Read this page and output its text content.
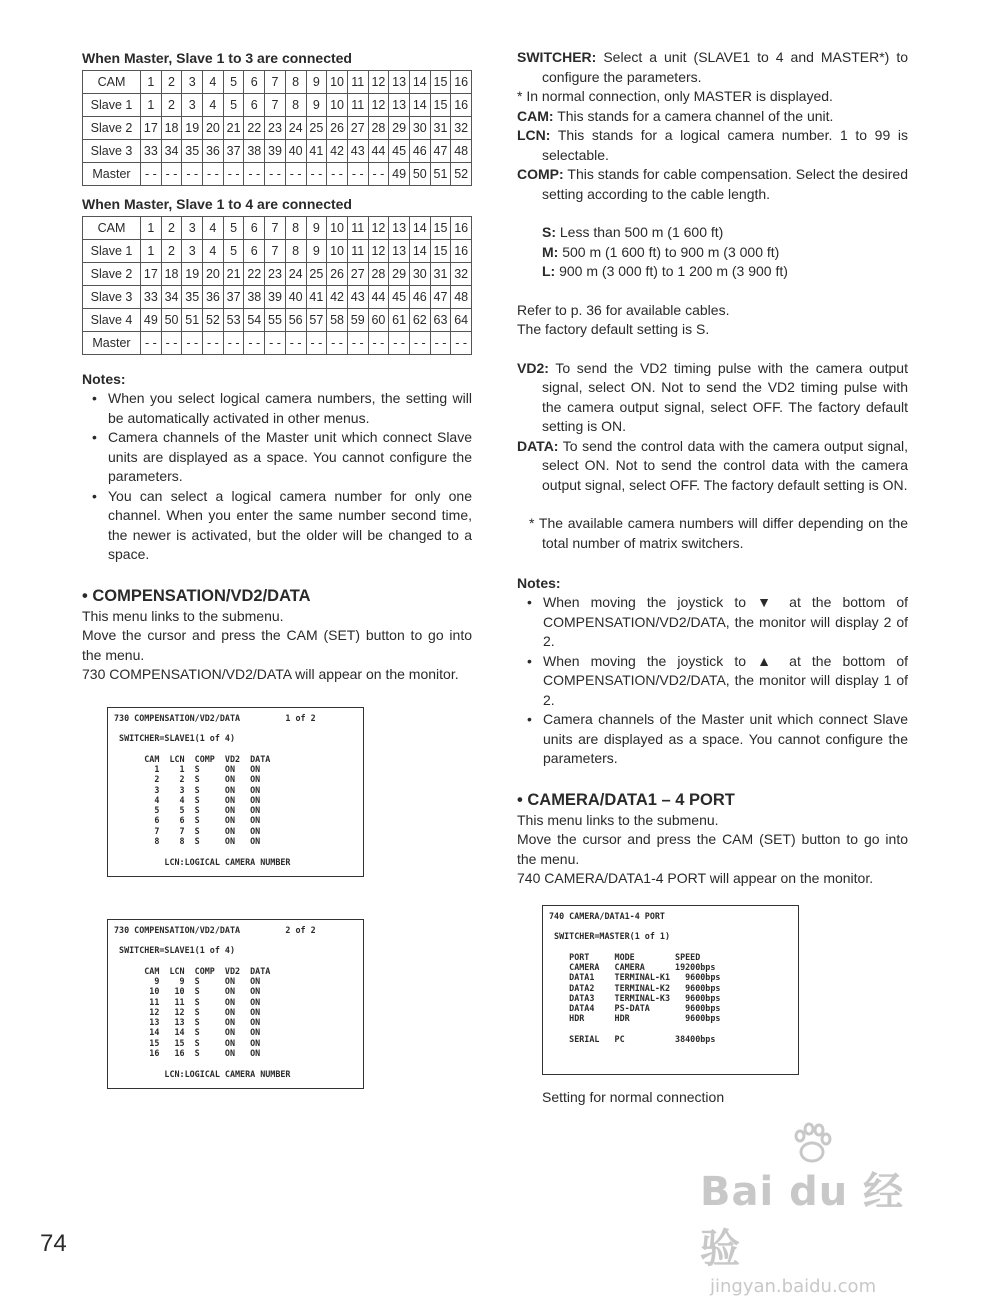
When Master, Slave 1 to 3 are connected
CAM	1	2	3	4	5	6	7	8	9	10	11	12	13	14	15	16
Slave 1	1	2	3	4	5	6	7	8	9	10	11	12	13	14	15	16
Slave 2	17	18	19	20	21	22	23	24	25	26	27	28	29	30	31	32
Slave 3	33	34	35	36	37	38	39	40	41	42	43	44	45	46	47	48
Master	- -	- -	- -	- -	- -	- -	- -	- -	- -	- -	- -	- -	49	50	51	52
When Master, Slave 1 to 4 are connected
CAM	1	2	3	4	5	6	7	8	9	10	11	12	13	14	15	16
Slave 1	1	2	3	4	5	6	7	8	9	10	11	12	13	14	15	16
Slave 2	17	18	19	20	21	22	23	24	25	26	27	28	29	30	31	32
Slave 3	33	34	35	36	37	38	39	40	41	42	43	44	45	46	47	48
Slave 4	49	50	51	52	53	54	55	56	57	58	59	60	61	62	63	64
Master	- -	- -	- -	- -	- -	- -	- -	- -	- -	- -	- -	- -	- -	- -	- -	- -
Notes:
• When you select logical camera numbers, the setting will be automatically activated in other menus.
• Camera channels of the Master unit which connect Slave units are displayed as a space. You cannot configure the parameters.
• You can select a logical camera number for only one channel. When you enter the same number second time, the newer is activated, but the older will be changed to a space.
• COMPENSATION/VD2/DATA

This menu links to the submenu.

Move the cursor and press the CAM (SET) button to go into the menu.

730 COMPENSATION/VD2/DATA will appear on the monitor.

730 COMPENSATION/VD2/DATA         1 of 2

SWITCHER=SLAVE1(1 of 4)

CAM  LCN  COMP  VD2  DATA
1    1  S     ON   ON
2    2  S     ON   ON
3    3  S     ON   ON
4    4  S     ON   ON
5    5  S     ON   ON
6    6  S     ON   ON
7    7  S     ON   ON
8    8  S     ON   ON

LCN:LOGICAL CAMERA NUMBER
730 COMPENSATION/VD2/DATA         2 of 2

SWITCHER=SLAVE1(1 of 4)

CAM  LCN  COMP  VD2  DATA
9    9  S     ON   ON
10   10  S     ON   ON
11   11  S     ON   ON
12   12  S     ON   ON
13   13  S     ON   ON
14   14  S     ON   ON
15   15  S     ON   ON
16   16  S     ON   ON

LCN:LOGICAL CAMERA NUMBER

SWITCHER: Select a unit (SLAVE1 to 4 and MASTER*) to configure the parameters.

* In normal connection, only MASTER is displayed.

CAM: This stands for a camera channel of the unit.

LCN: This stands for a logical camera number. 1 to 99 is selectable.

COMP: This stands for cable compensation. Select the desired setting according to the cable length.

S: Less than 500 m (1 600 ft)

M: 500 m (1 600 ft) to 900 m (3 000 ft)

L: 900 m (3 000 ft) to 1 200 m (3 900 ft)

Refer to p. 36 for available cables.

The factory default setting is S.

VD2: To send the VD2 timing pulse with the camera output signal, select ON. Not to send the VD2 timing pulse with the camera output signal, select OFF. The factory default setting is ON.

DATA: To send the control data with the camera output signal, select ON. Not to send the control data with the camera output signal, select OFF. The factory default setting is ON.

* The available camera numbers will differ depending on the total number of matrix switchers.

Notes:
• When moving the joystick to ▼ at the bottom of COMPENSATION/VD2/DATA, the monitor will display 2 of 2.
• When moving the joystick to ▲ at the bottom of COMPENSATION/VD2/DATA, the monitor will display 1 of 2.
• Camera channels of the Master unit which connect Slave units are displayed as a space. You cannot configure the parameters.
• CAMERA/DATA1 – 4 PORT

This menu links to the submenu.

Move the cursor and press the CAM (SET) button to go into the menu.

740 CAMERA/DATA1-4 PORT will appear on the monitor.

740 CAMERA/DATA1-4 PORT

SWITCHER=MASTER(1 of 1)

PORT     MODE        SPEED
CAMERA   CAMERA      19200bps
DATA1    TERMINAL-K1   9600bps
DATA2    TERMINAL-K2   9600bps
DATA3    TERMINAL-K3   9600bps
DATA4    PS-DATA       9600bps
HDR      HDR           9600bps

SERIAL   PC          38400bps

Setting for normal connection
74
Bai du 经验
jingyan.baidu.com
